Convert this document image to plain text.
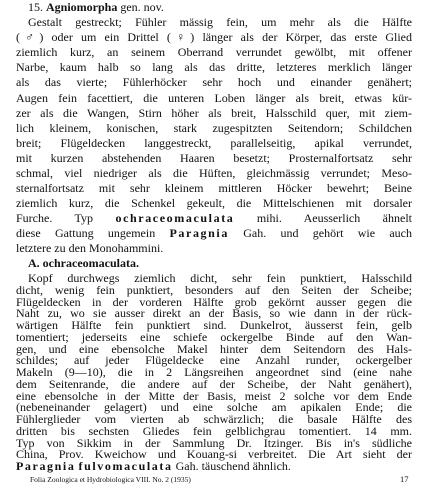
15. Agniomorpha gen. nov.
Gestalt gestreckt; Fühler mässig fein, um mehr als die Hälfte
(♂) oder um ein Drittel (♀) länger als der Körper, das erste Glied
ziemlich kurz, an seinem Oberrand verrundet gewölbt, mit offener
Narbe, kaum halb so lang als das dritte, letzteres merklich länger
als das vierte; Fühlerhöcker sehr hoch und einander genähert;
Augen fein facettiert, die unteren Loben länger als breit, etwas kür-
zer als die Wangen, Stirn höher als breit, Halsschild quer, mit ziem-
lich kleinem, konischen, stark zugespitzten Seitendorn; Schildchen
breit; Flügeldecken langgestreckt, parallelseitig, apikal verrundet,
mit kurzen abstehenden Haaren besetzt; Prosternalfortsatz sehr
schmal, viel niedriger als die Hüften, gleichmässig verrundet; Meso-
sternalfortsatz mit sehr kleinem mittleren Höcker bewehrt; Beine
ziemlich kurz, die Schenkel gekeult, die Mittelschienen mit dorsaler
Furche. Typ ochraceomaculata mihi. Aeusserlich ähnelt
diese Gattung ungemein Paragnia Gah. und gehört wie auch
letztere zu den Monohammini.
A. ochraceomaculata.
Kopf durchwegs ziemlich dicht, sehr fein punktiert, Halsschild
dicht, wenig fein punktiert, besonders auf den Seiten der Scheibe;
Flügeldecken in der vorderen Hälfte grob gekörnt ausser gegen die
Naht zu, wo sie ausser direkt an der Basis, so wie dann in der rück-
wärtigen Hälfte fein punktiert sind. Dunkelrot, äusserst fein, gelb
tomentiert; jederseits eine schiefe ockergelbe Binde auf den Wan-
gen, und eine ebensolche Makel hinter dem Seitendorn des Hals-
schildes; auf jeder Flügeldecke eine Anzahl runder, ockergelber
Makeln (9—10), die in 2 Längsreihen angeordnet sind (eine nahe
dem Seitenrande, die andere auf der Scheibe, der Naht genähert),
eine ebensolche in der Mitte der Basis, meist 2 solche vor dem Ende
(nebeneinander gelagert) und eine solche am apikalen Ende; die
Fühlerglieder vom vierten ab schwärzlich; die basale Hälfte des
dritten bis sechsten Gliedes fein gelblichgrau tomentiert. 14 mm.
Typ von Sikkim in der Sammlung Dr. Itzinger. Bis in's südliche
China, Prov. Kweichow und Kouang-si verbreitet. Die Art sieht der
Paragnia fulvomaculata Gah. täuschend ähnlich.
Folia Zoologica et Hydrobiologica VIII. No. 2 (1935)	17
